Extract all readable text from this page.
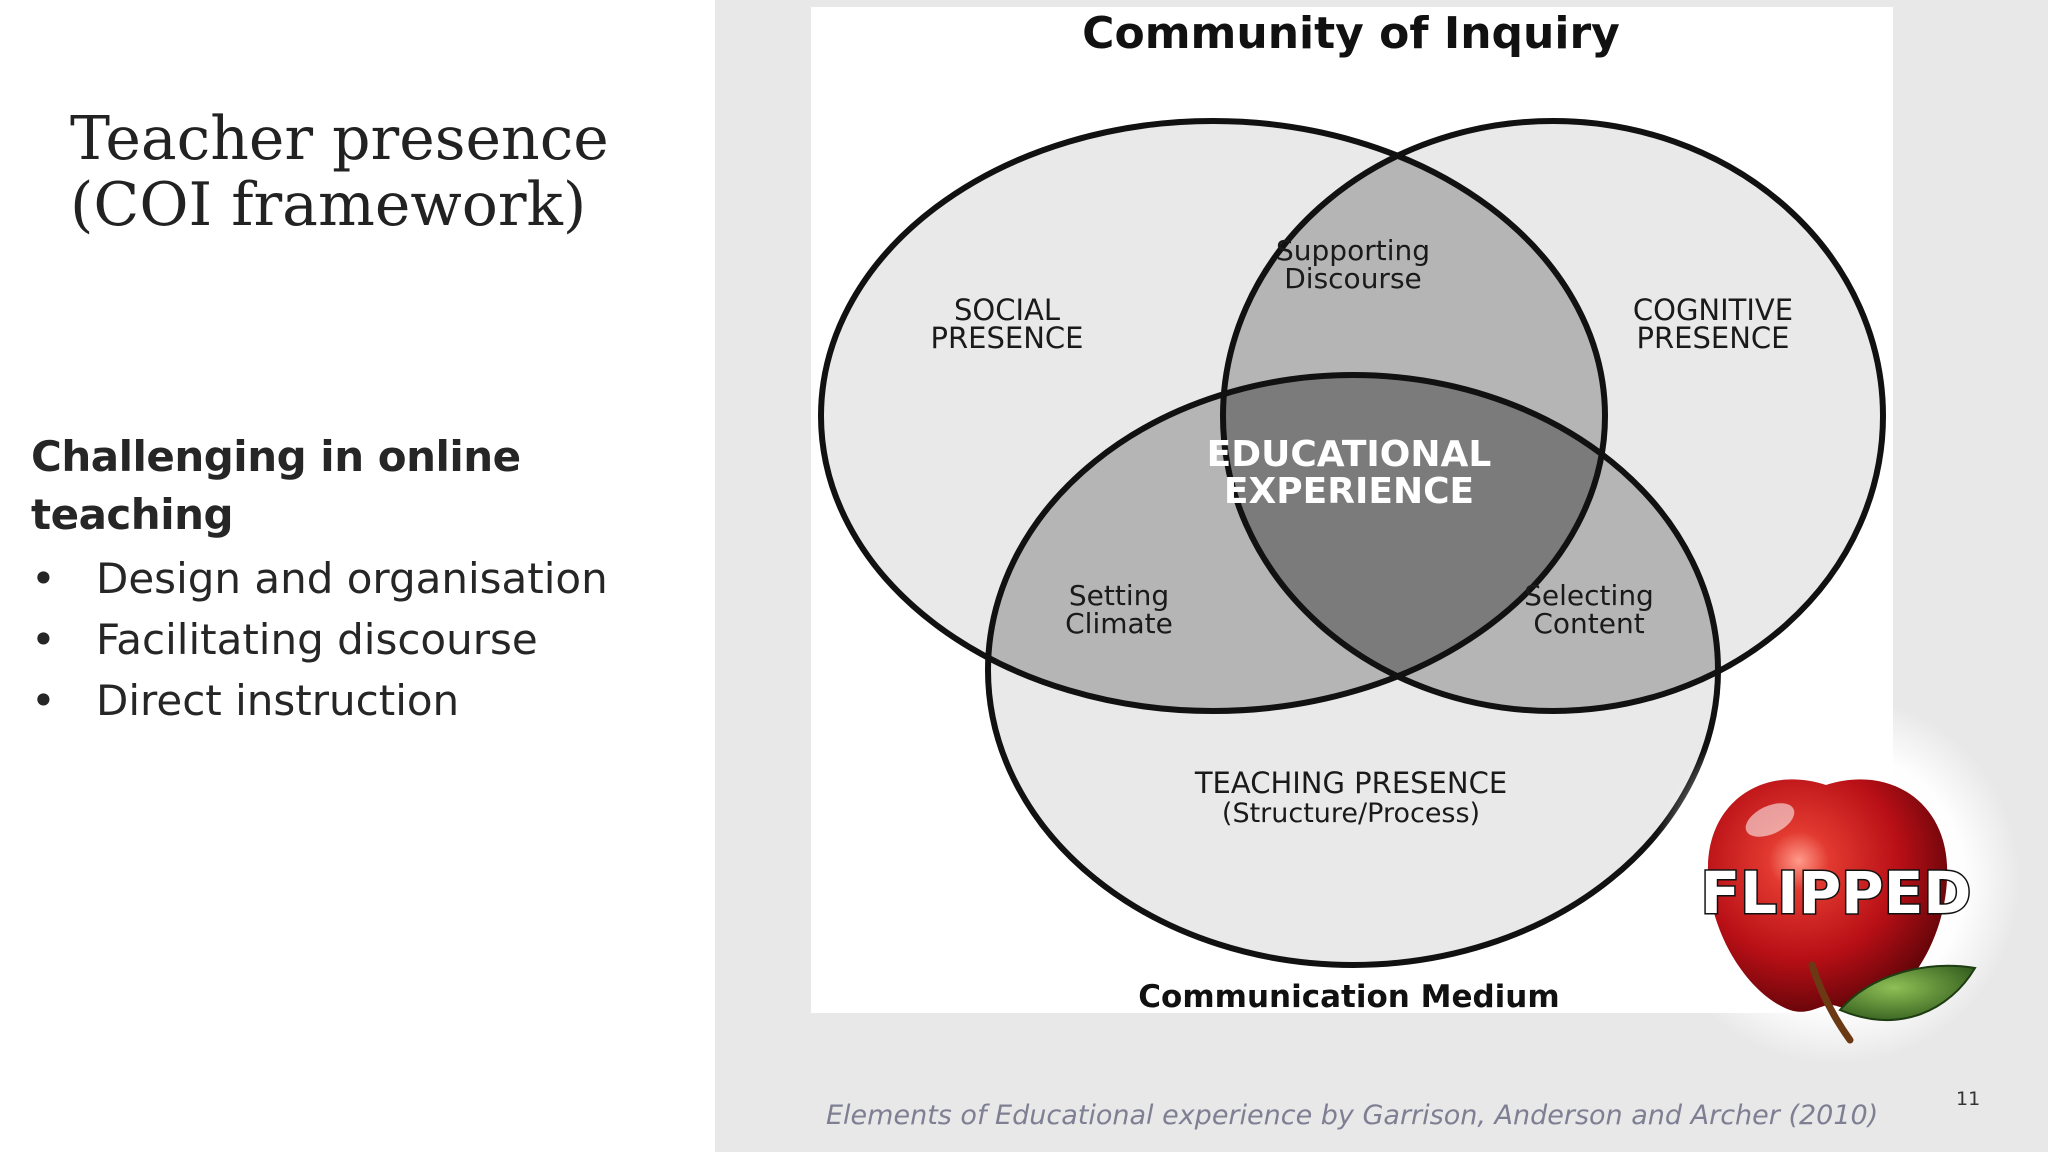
Teacher presence
(COI framework)
Challenging in online teaching
• Design and organisation
• Facilitating discourse
• Direct instruction
Community of Inquiry
SOCIAL
PRESENCE
COGNITIVE
PRESENCE
Supporting
Discourse
Setting
Climate
Selecting
Content
TEACHING PRESENCE
(Structure/Process)
EDUCATIONAL
EXPERIENCE
Communication Medium
FLIPPED
Elements of Educational experience by Garrison, Anderson and Archer (2010)
11
